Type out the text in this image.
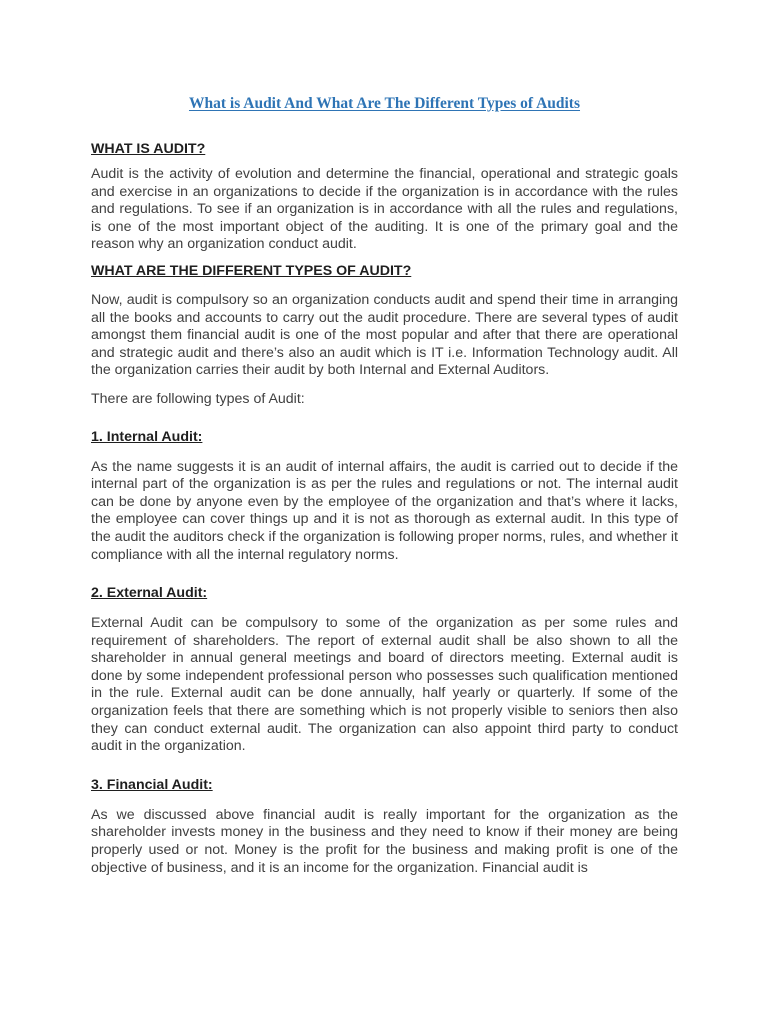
What is Audit And What Are The Different Types of Audits
WHAT IS AUDIT?

Audit is the activity of evolution and determine the financial, operational and strategic goals and exercise in an organizations to decide if the organization is in accordance with the rules and regulations. To see if an organization is in accordance with all the rules and regulations, is one of the most important object of the auditing. It is one of the primary goal and the reason why an organization conduct audit.

WHAT ARE THE DIFFERENT TYPES OF AUDIT?

Now, audit is compulsory so an organization conducts audit and spend their time in arranging all the books and accounts to carry out the audit procedure. There are several types of audit amongst them financial audit is one of the most popular and after that there are operational and strategic audit and there’s also an audit which is IT i.e. Information Technology audit. All the organization carries their audit by both Internal and External Auditors.

There are following types of Audit:

1. Internal Audit:

As the name suggests it is an audit of internal affairs, the audit is carried out to decide if the internal part of the organization is as per the rules and regulations or not. The internal audit can be done by anyone even by the employee of the organization and that’s where it lacks, the employee can cover things up and it is not as thorough as external audit. In this type of the audit the auditors check if the organization is following proper norms, rules, and whether it compliance with all the internal regulatory norms.

2. External Audit:

External Audit can be compulsory to some of the organization as per some rules and requirement of shareholders. The report of external audit shall be also shown to all the shareholder in annual general meetings and board of directors meeting. External audit is done by some independent professional person who possesses such qualification mentioned in the rule. External audit can be done annually, half yearly or quarterly. If some of the organization feels that there are something which is not properly visible to seniors then also they can conduct external audit. The organization can also appoint third party to conduct audit in the organization.

3. Financial Audit:

As we discussed above financial audit is really important for the organization as the shareholder invests money in the business and they need to know if their money are being properly used or not. Money is the profit for the business and making profit is one of the objective of business, and it is an income for the organization. Financial audit is
